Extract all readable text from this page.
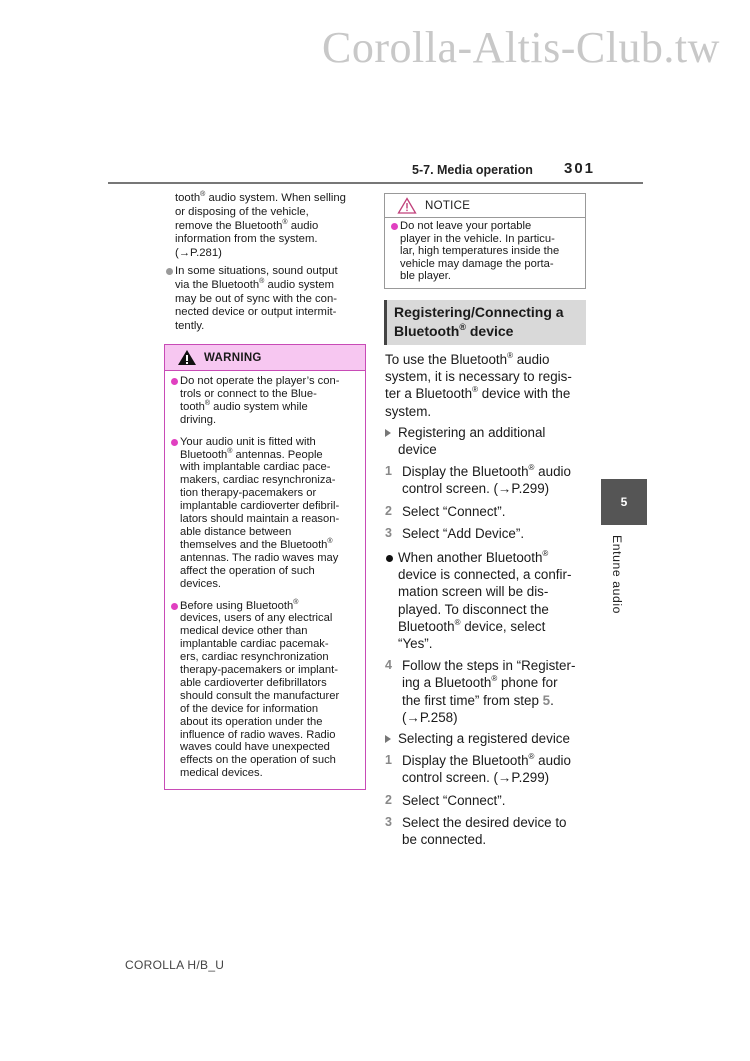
Corolla-Altis-Club.tw
5-7. Media operation 301

tooth® audio system. When selling
or disposing of the vehicle,
remove the Bluetooth® audio
information from the system.
(→P.281)

In some situations, sound output
via the Bluetooth® audio system
may be out of sync with the con-
nected device or output intermit-
tently.

WARNING

Do not operate the player’s con-
trols or connect to the Blue-
tooth® audio system while
driving.

Your audio unit is fitted with
Bluetooth® antennas. People
with implantable cardiac pace-
makers, cardiac resynchroniza-
tion therapy-pacemakers or
implantable cardioverter defibril-
lators should maintain a reason-
able distance between
themselves and the Bluetooth®
antennas. The radio waves may
affect the operation of such
devices.

Before using Bluetooth®
devices, users of any electrical
medical device other than
implantable cardiac pacemak-
ers, cardiac resynchronization
therapy-pacemakers or implant-
able cardioverter defibrillators
should consult the manufacturer
of the device for information
about its operation under the
influence of radio waves. Radio
waves could have unexpected
effects on the operation of such
medical devices.

NOTICE

Do not leave your portable
player in the vehicle. In particu-
lar, high temperatures inside the
vehicle may damage the porta-
ble player.

Registering/Connecting a
Bluetooth® device

To use the Bluetooth® audio
system, it is necessary to regis-
ter a Bluetooth® device with the
system.

Registering an additional
device

1 Display the Bluetooth® audio
control screen. (→P.299)

2 Select “Connect”.

3 Select “Add Device”.

When another Bluetooth®
device is connected, a confir-
mation screen will be dis-
played. To disconnect the
Bluetooth® device, select
“Yes”.

4 Follow the steps in “Register-
ing a Bluetooth® phone for
the first time” from step 5.
(→P.258)

Selecting a registered device

1 Display the Bluetooth® audio
control screen. (→P.299)

2 Select “Connect”.

3 Select the desired device to
be connected.

5
Entune audio
COROLLA H/B_U
